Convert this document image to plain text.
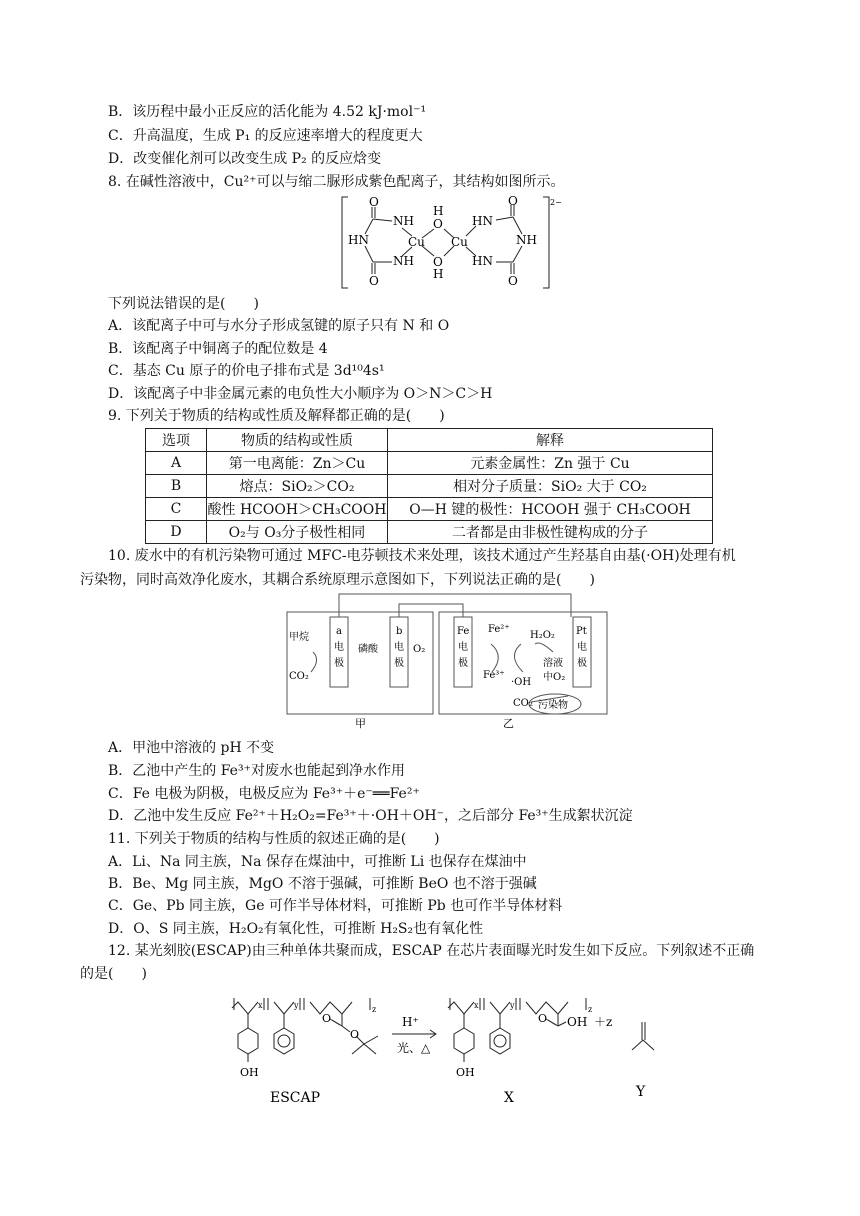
B．该历程中最小正反应的活化能为 4.52 kJ·mol⁻¹
C．升高温度，生成 P₁ 的反应速率增大的程度更大
D．改变催化剂可以改变生成 P₂ 的反应焓变
8. 在碱性溶液中，Cu²⁺可以与缩二脲形成紫色配离子，其结构如图所示。
2−
O
NH
HN
NH
O
H
O
Cu Cu
O
H
HN
O
NH
HN
O
下列说法错误的是(　　)
A．该配离子中可与水分子形成氢键的原子只有 N 和 O
B．该配离子中铜离子的配位数是 4
C．基态 Cu 原子的价电子排布式是 3d¹⁰4s¹
D．该配离子中非金属元素的电负性大小顺序为 O＞N＞C＞H
9. 下列关于物质的结构或性质及解释都正确的是(　　)
选项	物质的结构或性质	解释
A	第一电离能：Zn＞Cu	元素金属性：Zn 强于 Cu
B	熔点：SiO₂＞CO₂	相对分子质量：SiO₂ 大于 CO₂
C	酸性 HCOOH＞CH₃COOH	O—H 键的极性：HCOOH 强于 CH₃COOH
D	O₂与 O₃分子极性相同	二者都是由非极性键构成的分子
10. 废水中的有机污染物可通过 MFC-电芬顿技术来处理，该技术通过产生羟基自由基(·OH)处理有机
污染物，同时高效净化废水，其耦合系统原理示意图如下，下列说法正确的是(　　)
甲烷
CO₂
a
电
极
磷酸
b
电
极
O₂
Fe
电
极
Fe²⁺
H₂O₂
Fe³⁺
·OH
溶液
中O₂
Pt
电
极
CO₂ 污染物
甲	乙
A．甲池中溶液的 pH 不变
B．乙池中产生的 Fe³⁺对废水也能起到净水作用
C．Fe 电极为阴极，电极反应为 Fe³⁺＋e⁻══Fe²⁺
D．乙池中发生反应 Fe²⁺＋H₂O₂=Fe³⁺＋·OH＋OH⁻，之后部分 Fe³⁺生成絮状沉淀
11. 下列关于物质的结构与性质的叙述正确的是(　　)
A．Li、Na 同主族，Na 保存在煤油中，可推断 Li 也保存在煤油中
B．Be、Mg 同主族，MgO 不溶于强碱，可推断 BeO 也不溶于强碱
C．Ge、Pb 同主族，Ge 可作半导体材料，可推断 Pb 也可作半导体材料
D．O、S 同主族，H₂O₂有氧化性，可推断 H₂S₂也有氧化性
12. 某光刻胶(ESCAP)由三种单体共聚而成，ESCAP 在芯片表面曝光时发生如下反应。下列叙述不正确
的是(　　)
OH
x	y	z
O
O
H⁺
光、△
OH
x	y	z
O OH ＋z
ESCAP	X	Y
